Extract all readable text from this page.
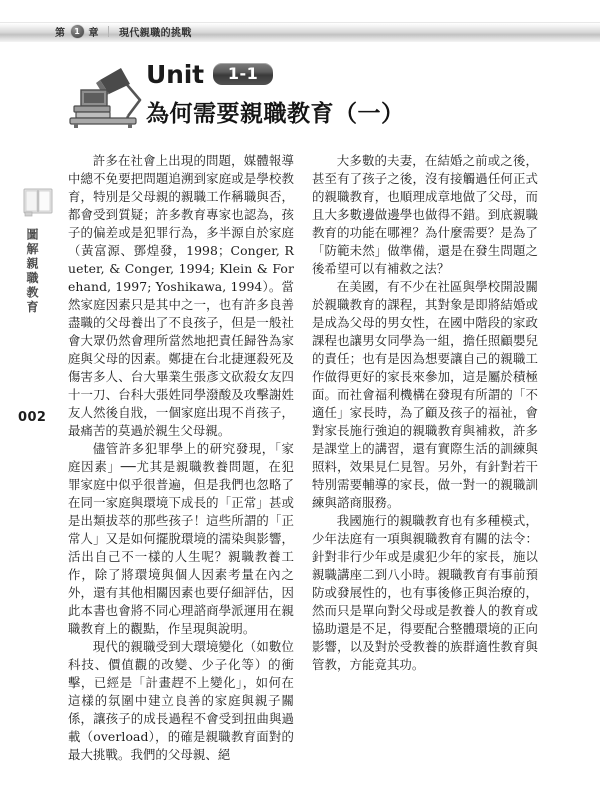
第	1 章 現代親職的挑戰
Unit	1-1
為何需要親職教育（一）
圖解親職教育
002

許多在社會上出現的問題，媒體報導中總不免要把問題追溯到家庭或是學校教育，特別是父母親的親職工作稱職與否，都會受到質疑；許多教育專家也認為，孩子的偏差或是犯罪行為，多半源自於家庭（黃富源、鄧煌發，1998；Conger, Rueter, & Conger, 1994; Klein & Forehand, 1997; Yoshikawa, 1994）。當然家庭因素只是其中之一，也有許多良善盡職的父母養出了不良孩子，但是一般社會大眾仍然會理所當然地把責任歸咎為家庭與父母的因素。鄭捷在台北捷運殺死及傷害多人、台大畢業生張彥文砍殺女友四十一刀、台科大張姓同學潑酸及攻擊謝姓友人然後自戕，一個家庭出現不肖孩子，最痛苦的莫過於親生父母親。

儘管許多犯罪學上的研究發現，「家庭因素」──尤其是親職教養問題，在犯罪家庭中似乎很普遍，但是我們也忽略了在同一家庭與環境下成長的「正常」甚或是出類拔萃的那些孩子！這些所謂的「正常人」又是如何擺脫環境的濡染與影響，活出自己不一樣的人生呢？親職教養工作，除了將環境與個人因素考量在內之外，還有其他相關因素也要仔細評估，因此本書也會將不同心理諮商學派運用在親職教育上的觀點，作呈現與說明。

現代的親職受到大環境變化（如數位科技、價值觀的改變、少子化等）的衝擊，已經是「計畫趕不上變化」，如何在這樣的氛圍中建立良善的家庭與親子關係，讓孩子的成長過程不會受到扭曲與過載（overload），的確是親職教育面對的最大挑戰。我們的父母親、絕

大多數的夫妻，在結婚之前或之後，甚至有了孩子之後，沒有接觸過任何正式的親職教育，也順理成章地做了父母，而且大多數邊做邊學也做得不錯。到底親職教育的功能在哪裡？為什麼需要？是為了「防範未然」做準備，還是在發生問題之後希望可以有補救之法？

在美國，有不少在社區與學校開設關於親職教育的課程，其對象是即將結婚或是成為父母的男女性，在國中階段的家政課程也讓男女同學為一組，擔任照顧嬰兒的責任；也有是因為想要讓自己的親職工作做得更好的家長來參加，這是屬於積極面。而社會福利機構在發現有所謂的「不適任」家長時，為了顧及孩子的福祉，會對家長施行強迫的親職教育與補救，許多是課堂上的講習，還有實際生活的訓練與照料，效果見仁見智。另外，有針對若干特別需要輔導的家長，做一對一的親職訓練與諮商服務。

我國施行的親職教育也有多種模式，少年法庭有一項與親職教育有關的法令：針對非行少年或是虞犯少年的家長，施以親職講座二到八小時。親職教育有事前預防或發展性的，也有事後修正與治療的，然而只是單向對父母或是教養人的教育或協助還是不足，得要配合整體環境的正向影響，以及對於受教養的族群適性教育與管教，方能竟其功。
